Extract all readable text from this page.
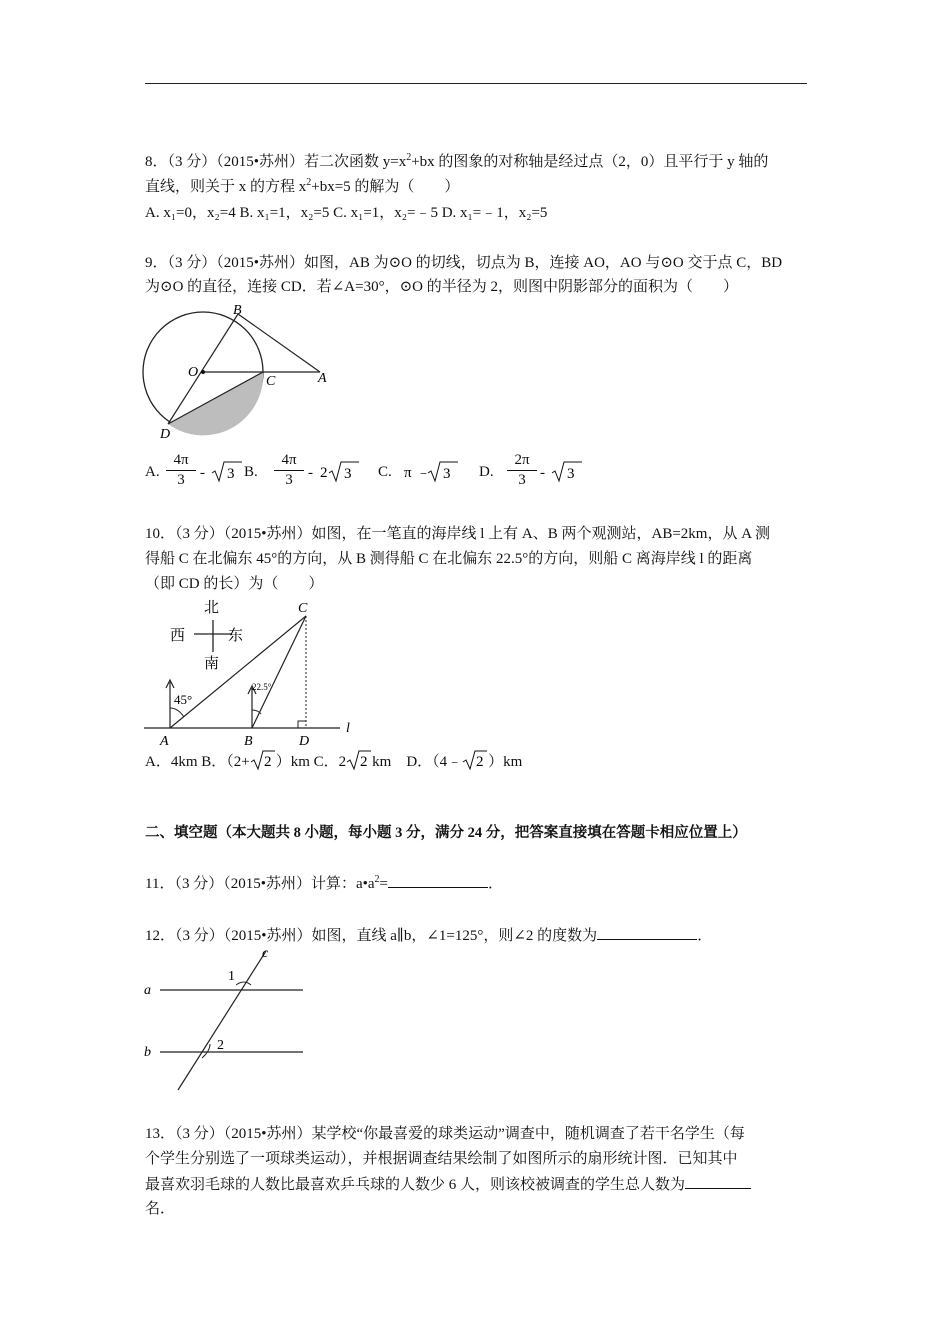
8．（3 分）（2015•苏州）若二次函数 $y=x^2+bx$ 的图象的对称轴是经过点（2，0）且平行于 y 轴的
直线，则关于 x 的方程 $x^2+bx=5$ 的解为（　　）
A. x₁=0，x₂=4 B. x₁=1，x₂=5 C. x₁=1，x₂=﹣5 D. x₁=﹣1，x₂=5
9．（3 分）（2015•苏州）如图，AB 为⊙O 的切线，切点为 B，连接 AO，AO 与⊙O 交于点 C，BD
为⊙O 的直径，连接 CD．若∠A=30°，⊙O 的半径为 2，则图中阴影部分的面积为（　　）
B
O
C	A
D
A.
4π
3	- 3 B.
4π
3	- 2 3 C. π ﹣ 3 D.
2π
3 - 3
10．（3 分）（2015•苏州）如图，在一笔直的海岸线 l 上有 A、B 两个观测站，AB=2km，从 A 测
得船 C 在北偏东 45°的方向，从 B 测得船 C 在北偏东 22.5°的方向，则船 C 离海岸线 l 的距离
（即 CD 的长）为（　　）
北
南
西	东
45°
22.5°
C
A	B	D
l
A．4km B．（2+ 2 ）km C．2 2 km　D．（4﹣ 2 ）km
二、填空题（本大题共 8 小题，每小题 3 分，满分 24 分，把答案直接填在答题卡相应位置上）
11．（3 分）（2015•苏州）计算：$a•a^2=$	．
12．（3 分）（2015•苏州）如图，直线 a∥b，∠1=125°，则∠2 的度数为	．
c
a
b
1
2
13．（3 分）（2015•苏州）某学校“你最喜爱的球类运动”调查中，随机调查了若干名学生（每
个学生分别选了一项球类运动），并根据调查结果绘制了如图所示的扇形统计图．已知其中
最喜欢羽毛球的人数比最喜欢乒乓球的人数少 6 人，则该校被调查的学生总人数为
名．
